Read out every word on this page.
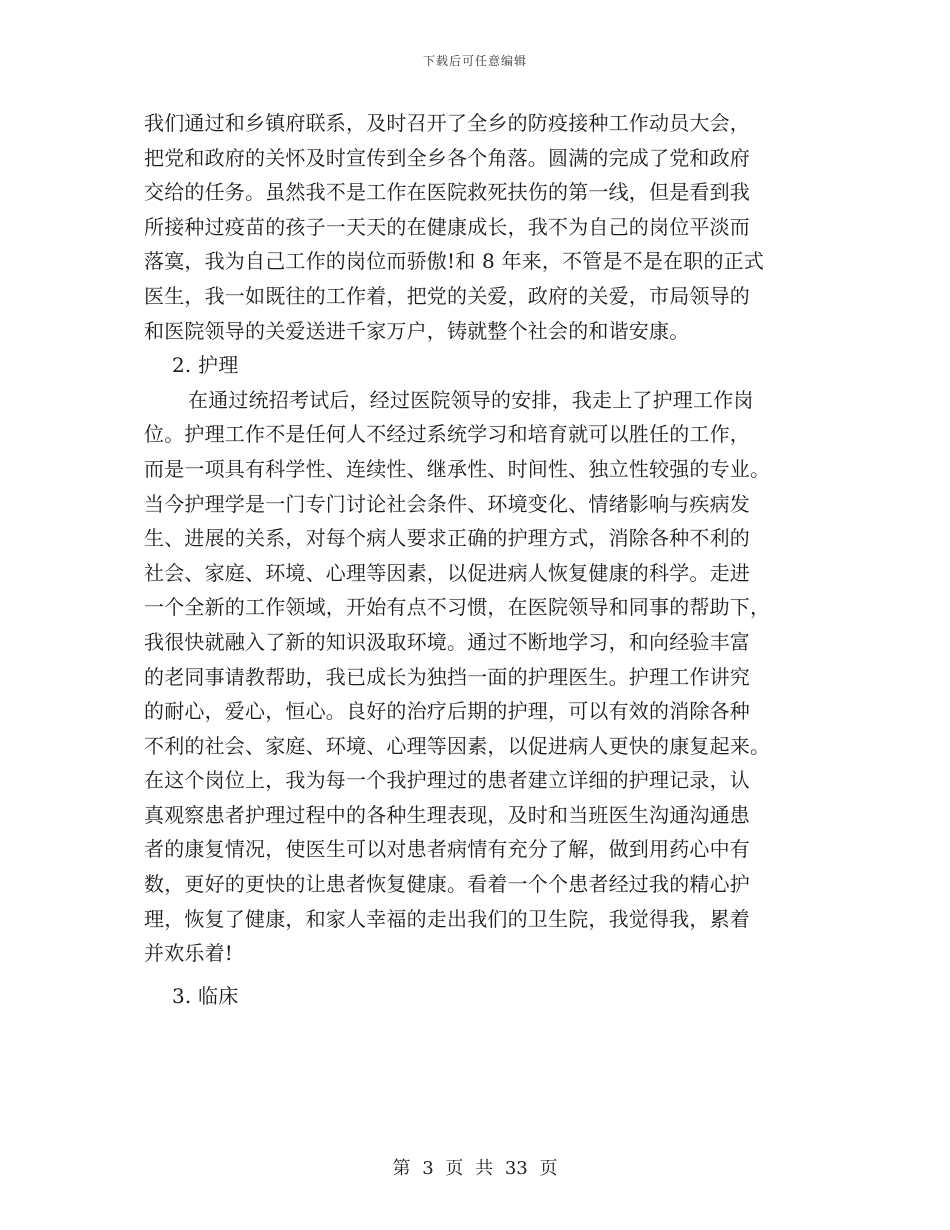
下载后可任意编辑
我们通过和乡镇府联系，及时召开了全乡的防疫接种工作动员大会，
把党和政府的关怀及时宣传到全乡各个角落。圆满的完成了党和政府
交给的任务。虽然我不是工作在医院救死扶伤的第一线，但是看到我
所接种过疫苗的孩子一天天的在健康成长，我不为自己的岗位平淡而
落寞，我为自己工作的岗位而骄傲!和 8 年来，不管是不是在职的正式
医生，我一如既往的工作着，把党的关爱，政府的关爱，市局领导的
和医院领导的关爱送进千家万户，铸就整个社会的和谐安康。
2. 护理
在通过统招考试后，经过医院领导的安排，我走上了护理工作岗
位。护理工作不是任何人不经过系统学习和培育就可以胜任的工作，
而是一项具有科学性、连续性、继承性、时间性、独立性较强的专业。
当今护理学是一门专门讨论社会条件、环境变化、情绪影响与疾病发
生、进展的关系，对每个病人要求正确的护理方式，消除各种不利的
社会、家庭、环境、心理等因素，以促进病人恢复健康的科学。走进
一个全新的工作领域，开始有点不习惯，在医院领导和同事的帮助下，
我很快就融入了新的知识汲取环境。通过不断地学习，和向经验丰富
的老同事请教帮助，我已成长为独挡一面的护理医生。护理工作讲究
的耐心，爱心，恒心。良好的治疗后期的护理，可以有效的消除各种
不利的社会、家庭、环境、心理等因素，以促进病人更快的康复起来。
在这个岗位上，我为每一个我护理过的患者建立详细的护理记录，认
真观察患者护理过程中的各种生理表现，及时和当班医生沟通沟通患
者的康复情况，使医生可以对患者病情有充分了解，做到用药心中有
数，更好的更快的让患者恢复健康。看着一个个患者经过我的精心护
理，恢复了健康，和家人幸福的走出我们的卫生院，我觉得我，累着
并欢乐着!
3. 临床
第 3 页 共 33 页
